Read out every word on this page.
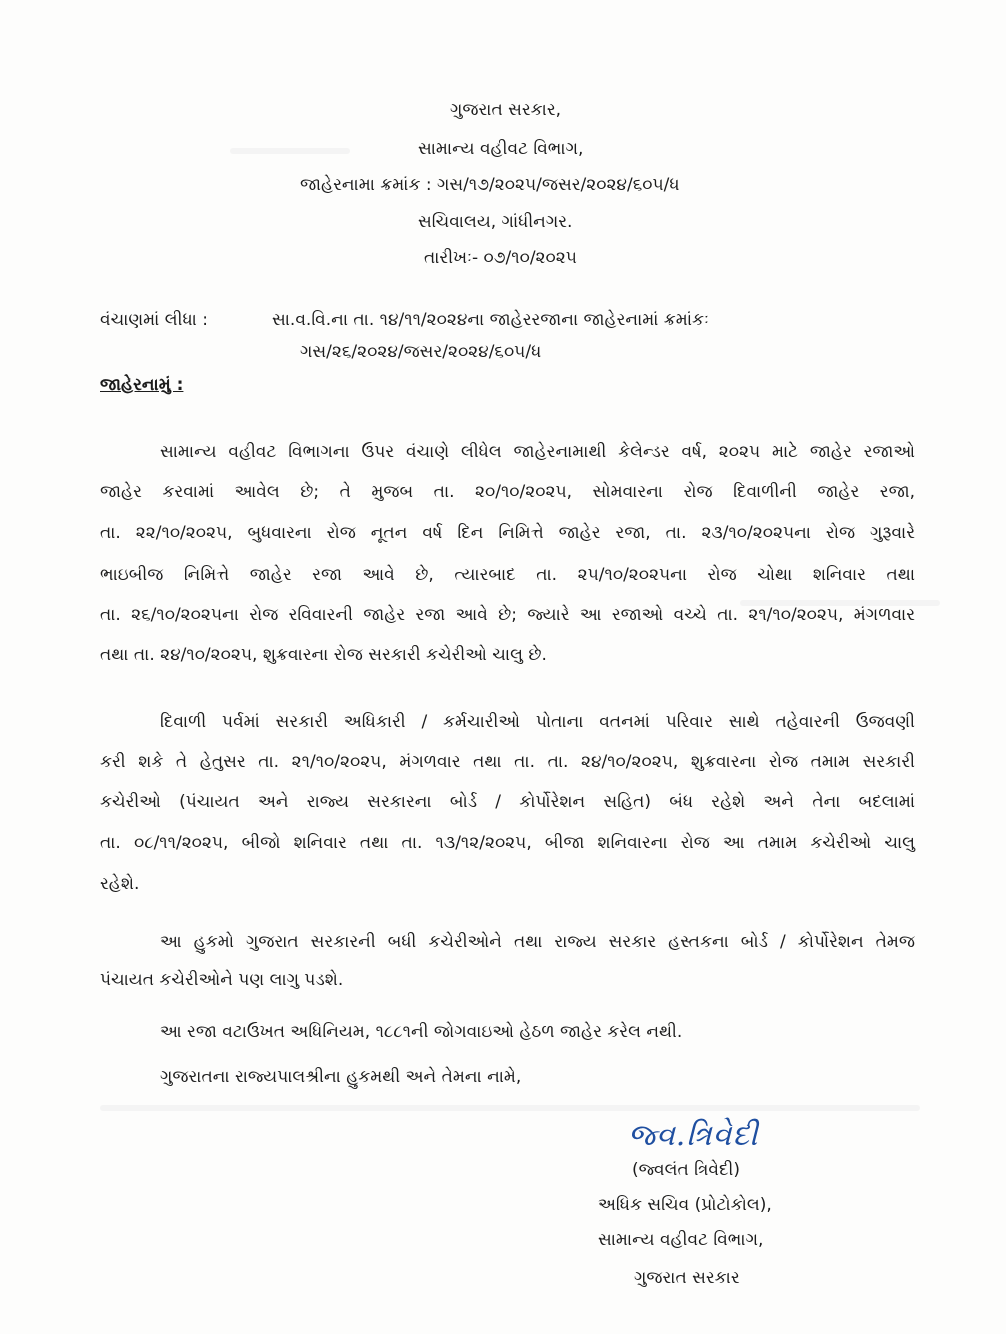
ગુજરાત સરકાર,
સામાન્ય વહીવટ વિભાગ,
જાહેરનામા ક્રમાંક : ગસ/૧૭/૨૦૨૫/જસર/૨૦૨૪/૬૦૫/ધ
સચિવાલય, ગાંધીનગર.
તારીખઃ- ૦૭/૧૦/૨૦૨૫
વંચાણમાં લીધા :	સા.વ.વિ.ના તા. ૧૪/૧૧/૨૦૨૪ના જાહેરરજાના જાહેરનામાં ક્રમાંકઃ
ગસ/૨૬/૨૦૨૪/જસર/૨૦૨૪/૬૦૫/ધ
જાહેરનામું :
સામાન્ય વહીવટ વિભાગના ઉપર વંચાણે લીધેલ જાહેરનામાથી કેલેન્ડર વર્ષ, ૨૦૨૫ માટે જાહેર રજાઓ
જાહેર કરવામાં આવેલ છે; તે મુજબ તા. ૨૦/૧૦/૨૦૨૫, સોમવારના રોજ દિવાળીની જાહેર રજા,
તા. ૨૨/૧૦/૨૦૨૫, બુધવારના રોજ નૂતન વર્ષ દિન નિમિત્તે જાહેર રજા, તા. ૨૩/૧૦/૨૦૨૫ના રોજ ગુરૂવારે
ભાઇબીજ નિમિત્તે જાહેર રજા આવે છે, ત્યારબાદ તા. ૨૫/૧૦/૨૦૨૫ના રોજ ચોથા શનિવાર તથા
તા. ૨૬/૧૦/૨૦૨૫ના રોજ રવિવારની જાહેર રજા આવે છે; જ્યારે આ રજાઓ વચ્ચે તા. ૨૧/૧૦/૨૦૨૫, મંગળવાર
તથા તા. ૨૪/૧૦/૨૦૨૫, શુક્રવારના રોજ સરકારી કચેરીઓ ચાલુ છે.
દિવાળી પર્વમાં સરકારી અધિકારી / કર્મચારીઓ પોતાના વતનમાં પરિવાર સાથે તહેવારની ઉજવણી
કરી શકે તે હેતુસર તા. ૨૧/૧૦/૨૦૨૫, મંગળવાર તથા તા. તા. ૨૪/૧૦/૨૦૨૫, શુક્રવારના રોજ તમામ સરકારી
કચેરીઓ (પંચાયત અને રાજ્ય સરકારના બોર્ડ / કોર્પોરેશન સહિત) બંધ રહેશે અને તેના બદલામાં
તા. ૦૮/૧૧/૨૦૨૫, બીજો શનિવાર તથા તા. ૧૩/૧૨/૨૦૨૫, બીજા શનિવારના રોજ આ તમામ કચેરીઓ ચાલુ
રહેશે.
આ હુકમો ગુજરાત સરકારની બધી કચેરીઓને તથા રાજ્ય સરકાર હસ્તકના બોર્ડ / કોર્પોરેશન તેમજ
પંચાયત કચેરીઓને પણ લાગુ પડશે.
આ રજા વટાઉખત અધિનિયમ, ૧૮૮૧ની જોગવાઇઓ હેઠળ જાહેર કરેલ નથી.
ગુજરાતના રાજ્યપાલશ્રીના હુકમથી અને તેમના નામે,
જ્વ.ત્રિવેદી
(જ્વલંત ત્રિવેદી)
અધિક સચિવ (પ્રોટોકોલ),
સામાન્ય વહીવટ વિભાગ,
ગુજરાત સરકાર
